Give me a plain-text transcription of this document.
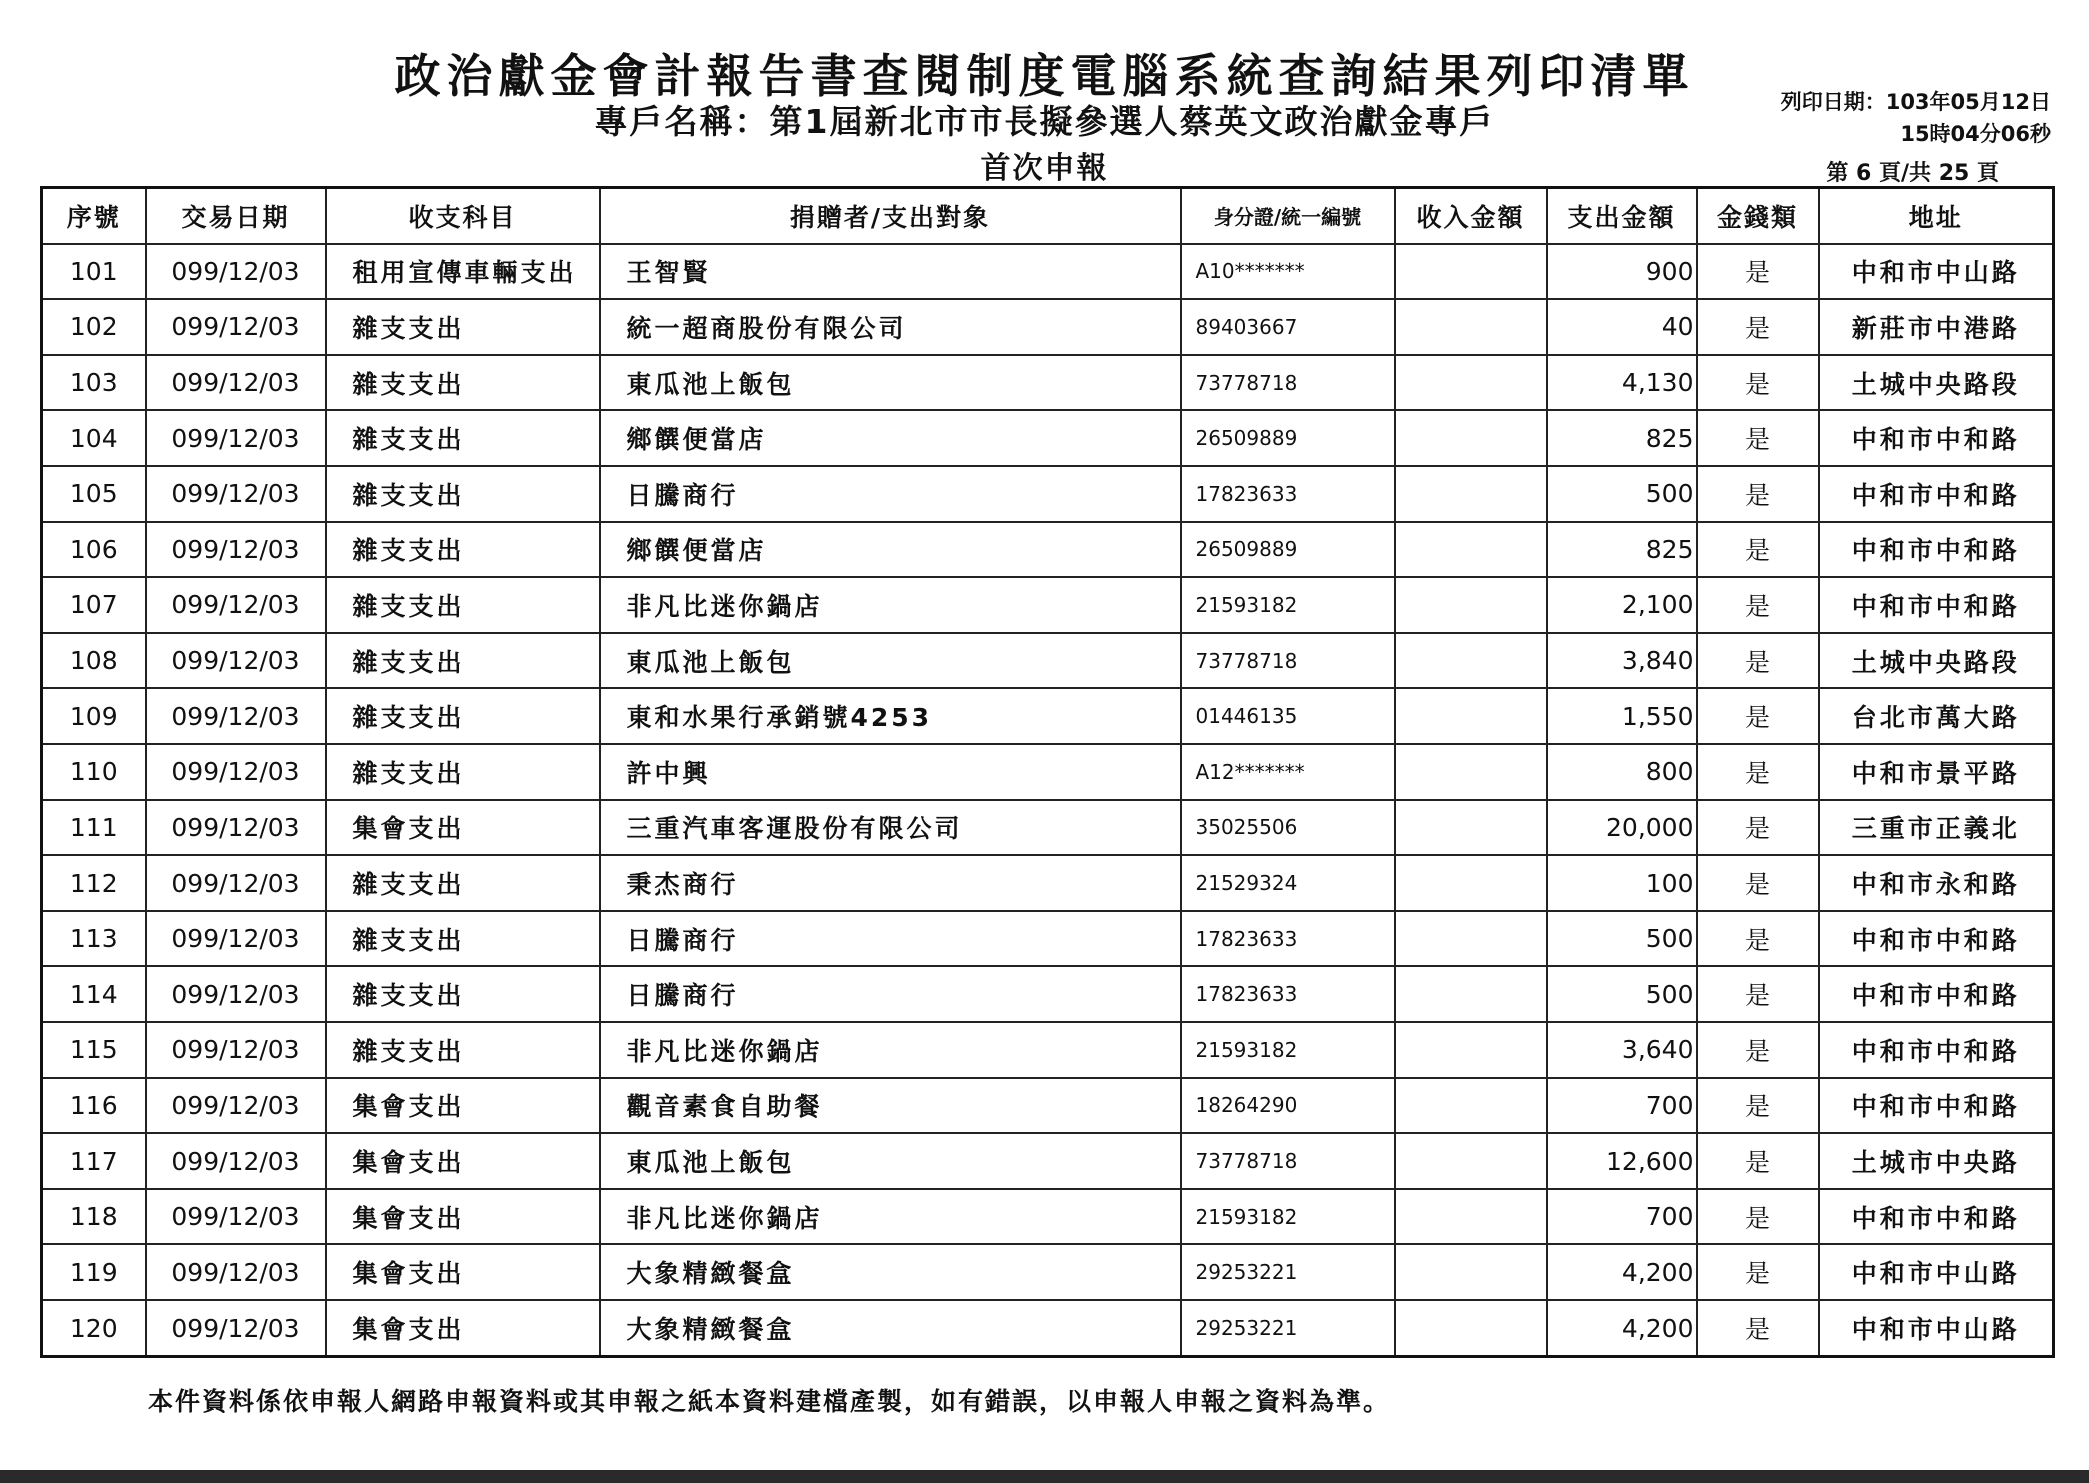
政治獻金會計報告書查閱制度電腦系統查詢結果列印清單
專戶名稱：第1屆新北市市長擬參選人蔡英文政治獻金專戶
首次申報
列印日期：103年05月12日
15時04分06秒
第 6 頁/共 25 頁
序號	交易日期	收支科目	捐贈者/支出對象	身分證/統一編號	收入金額	支出金額	金錢類	地址
101	099/12/03	租用宣傳車輛支出	王智賢	A10*******		900	是	中和市中山路
102	099/12/03	雜支支出	統一超商股份有限公司	89403667		40	是	新莊市中港路
103	099/12/03	雜支支出	東瓜池上飯包	73778718		4,130	是	土城中央路段
104	099/12/03	雜支支出	鄉饌便當店	26509889		825	是	中和市中和路
105	099/12/03	雜支支出	日騰商行	17823633		500	是	中和市中和路
106	099/12/03	雜支支出	鄉饌便當店	26509889		825	是	中和市中和路
107	099/12/03	雜支支出	非凡比迷你鍋店	21593182		2,100	是	中和市中和路
108	099/12/03	雜支支出	東瓜池上飯包	73778718		3,840	是	土城中央路段
109	099/12/03	雜支支出	東和水果行承銷號4253	01446135		1,550	是	台北市萬大路
110	099/12/03	雜支支出	許中興	A12*******		800	是	中和市景平路
111	099/12/03	集會支出	三重汽車客運股份有限公司	35025506		20,000	是	三重市正義北
112	099/12/03	雜支支出	秉杰商行	21529324		100	是	中和市永和路
113	099/12/03	雜支支出	日騰商行	17823633		500	是	中和市中和路
114	099/12/03	雜支支出	日騰商行	17823633		500	是	中和市中和路
115	099/12/03	雜支支出	非凡比迷你鍋店	21593182		3,640	是	中和市中和路
116	099/12/03	集會支出	觀音素食自助餐	18264290		700	是	中和市中和路
117	099/12/03	集會支出	東瓜池上飯包	73778718		12,600	是	土城市中央路
118	099/12/03	集會支出	非凡比迷你鍋店	21593182		700	是	中和市中和路
119	099/12/03	集會支出	大象精緻餐盒	29253221		4,200	是	中和市中山路
120	099/12/03	集會支出	大象精緻餐盒	29253221		4,200	是	中和市中山路
本件資料係依申報人網路申報資料或其申報之紙本資料建檔產製，如有錯誤，以申報人申報之資料為準。
